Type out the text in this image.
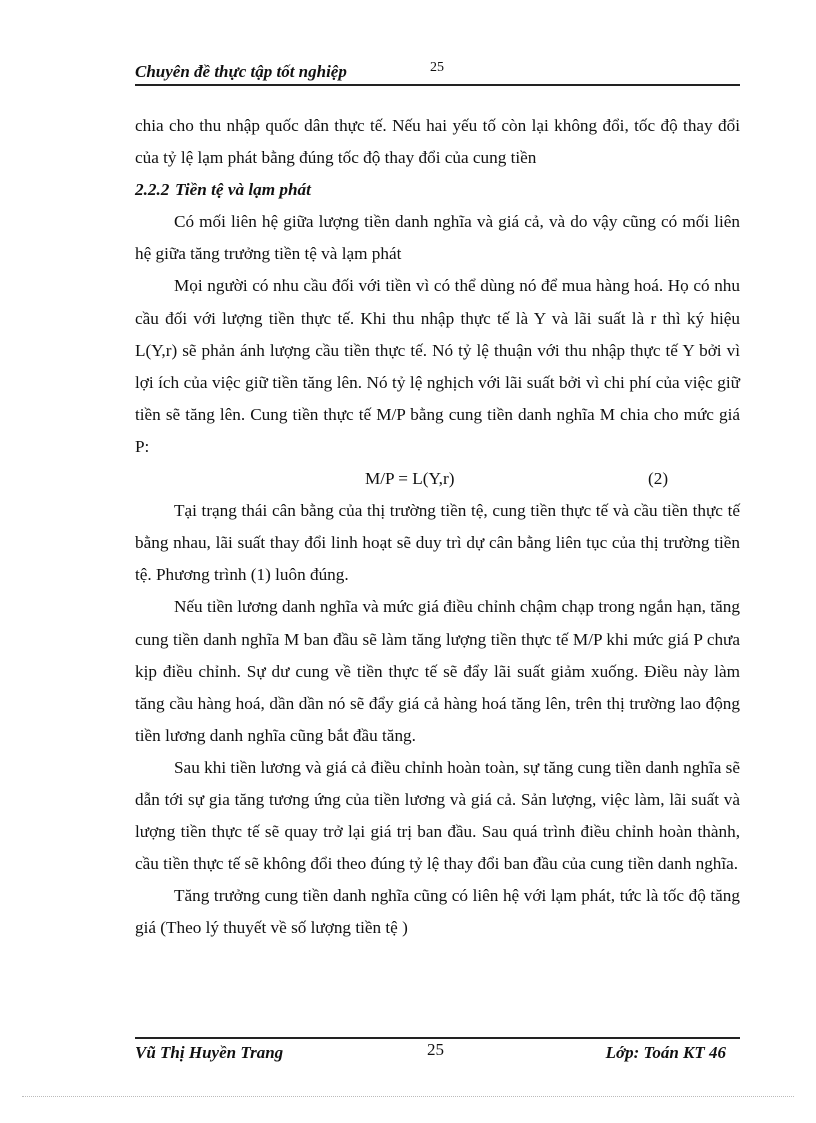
Chuyên đề thực tập tốt nghiệp	25

chia cho thu nhập quốc dân thực tế. Nếu hai yếu tố còn lại không đổi, tốc độ thay đổi của tỷ lệ lạm phát bằng đúng tốc độ thay đổi của cung tiền

2.2.2 Tiền tệ và lạm phát

Có mối liên hệ giữa lượng tiền danh nghĩa và giá cả, và do vậy cũng có mối liên hệ giữa tăng trưởng tiền tệ và lạm phát

Mọi người có nhu cầu đối với tiền vì có thể dùng nó để mua hàng hoá. Họ có nhu cầu đối với lượng tiền thực tế. Khi thu nhập thực tế là Y và lãi suất là r thì ký hiệu L(Y,r) sẽ phản ánh lượng cầu tiền thực tế. Nó tỷ lệ thuận với thu nhập thực tế Y bởi vì lợi ích của việc giữ tiền tăng lên. Nó tỷ lệ nghịch với lãi suất bởi vì chi phí của việc giữ tiền sẽ tăng lên. Cung tiền thực tế M/P bằng cung tiền danh nghĩa M chia cho mức giá P:

M/P = L(Y,r)	(2)

Tại trạng thái cân bằng của thị trường tiền tệ, cung tiền thực tế và cầu tiền thực tế bằng nhau, lãi suất thay đổi linh hoạt sẽ duy trì dự cân bằng liên tục của thị trường tiền tệ. Phương trình (1) luôn đúng.

Nếu tiền lương danh nghĩa và mức giá điều chỉnh chậm chạp trong ngắn hạn, tăng cung tiền danh nghĩa M ban đầu sẽ làm tăng lượng tiền thực tế M/P khi mức giá P chưa kịp điều chỉnh. Sự dư cung về tiền thực tế sẽ đẩy lãi suất giảm xuống. Điều này làm tăng cầu hàng hoá, dần dần nó sẽ đẩy giá cả hàng hoá tăng lên, trên thị trường lao động tiền lương danh nghĩa cũng bắt đầu tăng.

Sau khi tiền lương và giá cả điều chỉnh hoàn toàn, sự tăng cung tiền danh nghĩa sẽ dẫn tới sự gia tăng tương ứng của tiền lương và giá cả. Sản lượng, việc làm, lãi suất và lượng tiền thực tế sẽ quay trở lại giá trị ban đầu. Sau quá trình điều chỉnh hoàn thành, cầu tiền thực tế sẽ không đổi theo đúng tỷ lệ thay đổi ban đầu của cung tiền danh nghĩa.

Tăng trưởng cung tiền danh nghĩa cũng có liên hệ với lạm phát, tức là tốc độ tăng giá (Theo lý thuyết về số lượng tiền tệ )

Vũ Thị Huyền Trang	25	Lớp: Toán KT 46
